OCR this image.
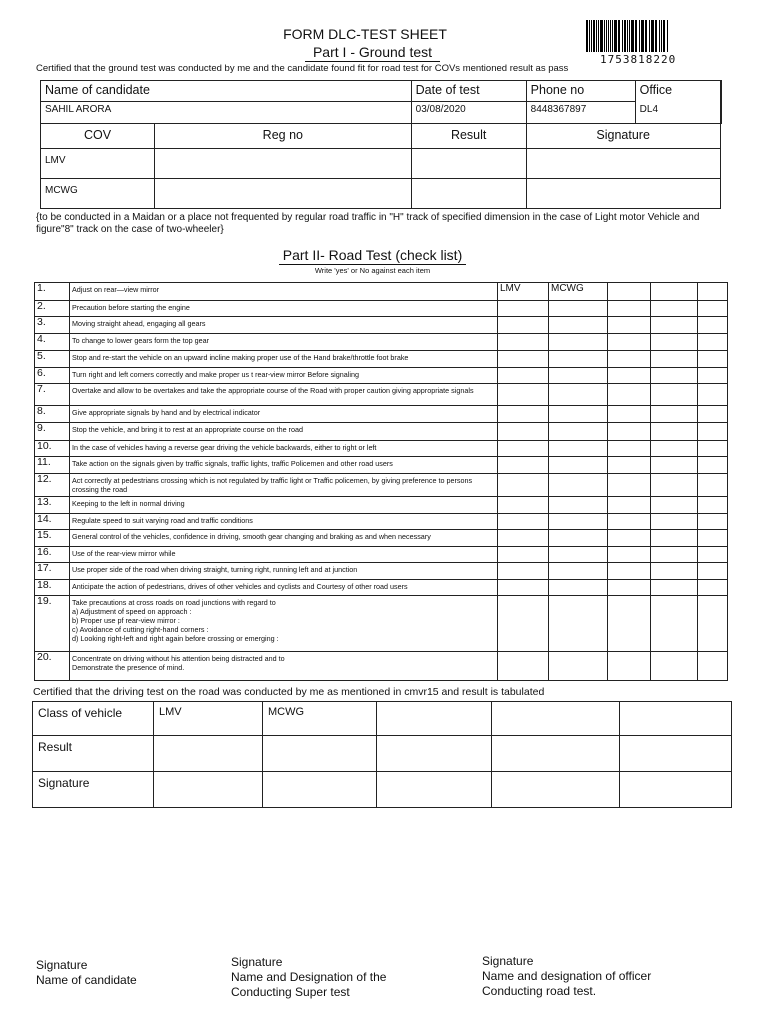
FORM DLC-TEST SHEET
Part I - Ground test	1753818220
Certified that the ground test was conducted by me and the candidate found fit for road test for COVs mentioned result as pass
Name of candidate		Date of test	Phone no	Office	
SAHIL ARORA		03/08/2020	8448367897	DL4	
COV	Reg no	Result	Signature		
LMV					
MCWG					
{to be conducted in a Maidan or a place not frequented by regular road traffic in "H" track of specified dimension in the case of Light motor Vehicle and figure"8" track on the case of two-wheeler}
Part II- Road Test (check list)
Write 'yes' or No against each item
1.	Adjust on rear—view mirror	LMV	MCWG			
2.	Precaution before starting the engine					

3.	Moving straight ahead, engaging all gears					

4.	To change to lower gears form the top gear					

5.	Stop and re-start the vehicle on an upward incline making proper use of the Hand brake/throttle foot brake					

6.	Turn right and left corners correctly and make proper us t rear-view mirror Before signaling					

7.	Overtake and allow to be overtakes and take the appropriate course of the Road with proper caution giving appropriate signals					

8.	Give appropriate signals by hand and by electrical indicator					

9.	Stop the vehicle, and bring it to rest at an appropriate course on the road					

10.	In the case of vehicles having a reverse gear driving the vehicle backwards, either to right or left					

11.	Take action on the signals given by traffic signals, traffic lights, traffic Policemen and other road users					

12.	Act correctly at pedestrians crossing which is not regulated by traffic light or Traffic policemen, by giving preference to persons crossing the road					

13.	Keeping to the left in normal driving					

14.	Regulate speed to suit varying road and traffic conditions					

15.	General control of the vehicles, confidence in driving, smooth gear changing and braking as and when necessary					

16.	Use of the rear-view mirror while					

17.	Use proper side of the road when driving straight, turning right, running left and at junction					

18.	Anticipate the action of pedestrians, drives of other vehicles and cyclists and Courtesy of other road users					

19.	Take precautions at cross roads on road junctions with regard to
a) Adjustment of speed on approach :
b) Proper use pf rear-view mirror :
c) Avoidance of cutting right-hand corners :
d) Looking right-left and right again before crossing or emerging :					

20.	Concentrate on driving without his attention being distracted and to
Demonstrate the presence of mind.					

Certified that the driving test on the road was conducted by me as mentioned in cmvr15 and result is tabulated
Class of vehicle	LMV	MCWG			
Result					
Signature					
Signature
Name of candidate
Signature
Name and Designation of the
Conducting Super test
Signature
Name and designation of officer
Conducting road test.
